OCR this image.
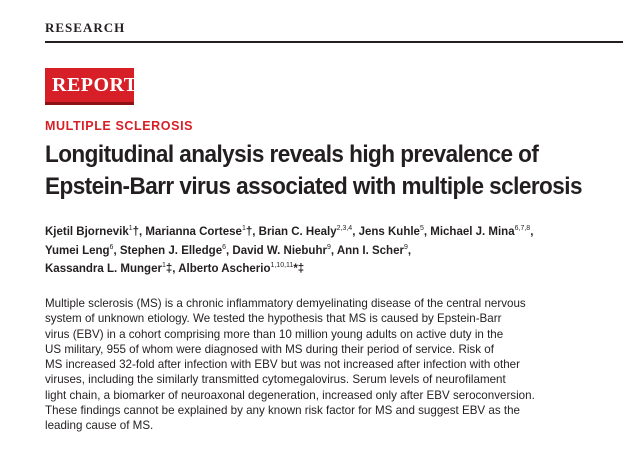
RESEARCH
REPORT
MULTIPLE SCLEROSIS
Longitudinal analysis reveals high prevalence of
Epstein-Barr virus associated with multiple sclerosis
Kjetil Bjornevik$^1$†, Marianna Cortese$^1$†, Brian C. Healy$^{2,3,4}$, Jens Kuhle$^5$, Michael J. Mina$^{6,7,8}$,
Yumei Leng$^6$, Stephen J. Elledge$^6$, David W. Niebuhr$^9$, Ann I. Scher$^9$,
Kassandra L. Munger$^1$‡, Alberto Ascherio$^{1,10,11}$*‡
Multiple sclerosis (MS) is a chronic inflammatory demyelinating disease of the central nervous
system of unknown etiology. We tested the hypothesis that MS is caused by Epstein-Barr
virus (EBV) in a cohort comprising more than 10 million young adults on active duty in the
US military, 955 of whom were diagnosed with MS during their period of service. Risk of
MS increased 32-fold after infection with EBV but was not increased after infection with other
viruses, including the similarly transmitted cytomegalovirus. Serum levels of neurofilament
light chain, a biomarker of neuroaxonal degeneration, increased only after EBV seroconversion.
These findings cannot be explained by any known risk factor for MS and suggest EBV as the
leading cause of MS.
